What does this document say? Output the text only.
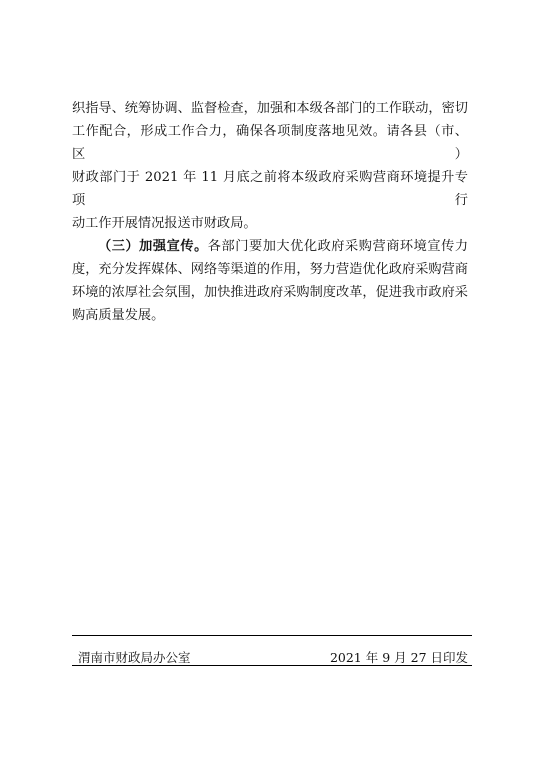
织指导、统筹协调、监督检查，加强和本级各部门的工作联动，密切
工作配合，形成工作合力，确保各项制度落地见效。请各县（市、区）
财政部门于 2021 年 11 月底之前将本级政府采购营商环境提升专项行
动工作开展情况报送市财政局。
（三）加强宣传。各部门要加大优化政府采购营商环境宣传力
度，充分发挥媒体、网络等渠道的作用，努力营造优化政府采购营商
环境的浓厚社会氛围，加快推进政府采购制度改革，促进我市政府采
购高质量发展。
渭南市财政局办公室	2021 年 9 月 27 日印发
